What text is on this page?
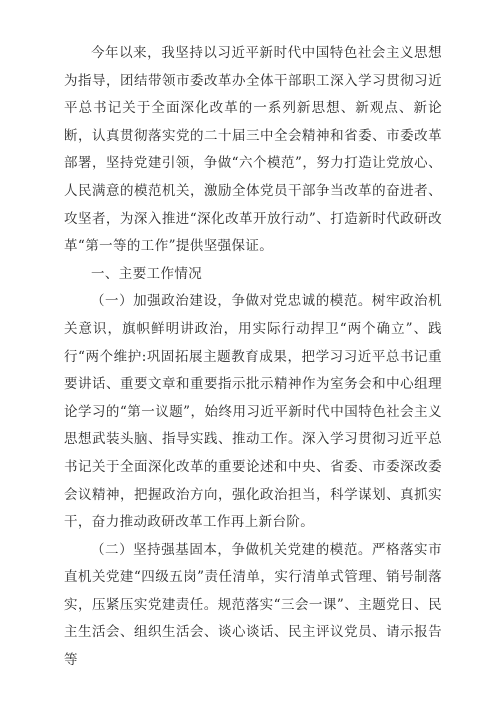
今年以来，我坚持以习近平新时代中国特色社会主义思想为指导，团结带领市委改革办全体干部职工深入学习贯彻习近平总书记关于全面深化改革的一系列新思想、新观点、新论断，认真贯彻落实党的二十届三中全会精神和省委、市委改革部署，坚持党建引领，争做“六个模范”，努力打造让党放心、人民满意的模范机关，激励全体党员干部争当改革的奋进者、攻坚者，为深入推进“深化改革开放行动”、打造新时代政研改革“第一等的工作”提供坚强保证。

一、主要工作情况

（一）加强政治建设，争做对党忠诚的模范。树牢政治机关意识，旗帜鲜明讲政治，用实际行动捍卫“两个确立”、践行“两个维护:巩固拓展主题教育成果，把学习习近平总书记重要讲话、重要文章和重要指示批示精神作为室务会和中心组理论学习的“第一议题”，始终用习近平新时代中国特色社会主义思想武装头脑、指导实践、推动工作。深入学习贯彻习近平总书记关于全面深化改革的重要论述和中央、省委、市委深改委会议精神，把握政治方向，强化政治担当，科学谋划、真抓实干，奋力推动政研改革工作再上新台阶。

（二）坚持强基固本，争做机关党建的模范。严格落实市直机关党建“四级五岗”责任清单，实行清单式管理、销号制落实，压紧压实党建责任。规范落实“三会一课”、主题党日、民主生活会、组织生活会、谈心谈话、民主评议党员、请示报告等
